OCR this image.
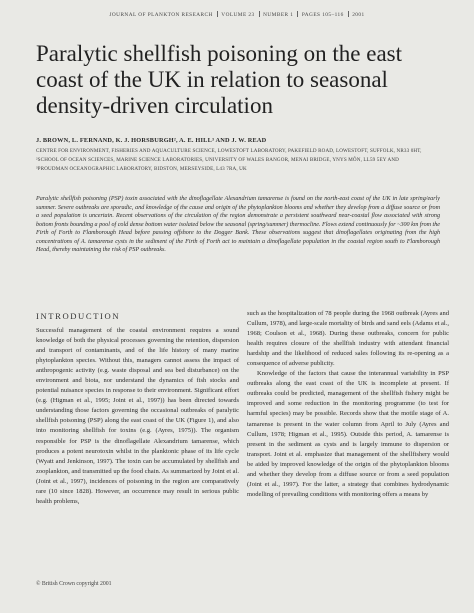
JOURNAL OF PLANKTON RESEARCH VOLUME 23 NUMBER 1 PAGES 105–116 2001
Paralytic shellfish poisoning on the east coast of the UK in relation to seasonal density-driven circulation
J. BROWN, L. FERNAND, K. J. HORSBURGH², A. E. HILL³ AND J. W. READ
CENTRE FOR ENVIRONMENT, FISHERIES AND AQUACULTURE SCIENCE, LOWESTOFT LABORATORY, PAKEFIELD ROAD, LOWESTOFT, SUFFOLK, NR33 0HT,
²SCHOOL OF OCEAN SCIENCES, MARINE SCIENCE LABORATORIES, UNIVERSITY OF WALES BANGOR, MENAI BRIDGE, YNYS MÔN, LL59 5EY AND
³PROUDMAN OCEANOGRAPHIC LABORATORY, BIDSTON, MERSEYSIDE, L43 7RA, UK
Paralytic shellfish poisoning (PSP) toxin associated with the dinoflagellate Alexandrium tamarense is found on the north-east coast of the UK in late spring/early summer. Severe outbreaks are sporadic, and knowledge of the cause and origin of the phytoplankton blooms and whether they develop from a diffuse source or from a seed population is uncertain. Recent observations of the circulation of the region demonstrate a persistent southward near-coastal flow associated with strong bottom fronts bounding a pool of cold dense bottom water isolated below the seasonal (spring/summer) thermocline. Flows extend continuously for ~300 km from the Firth of Forth to Flamborough Head before passing offshore to the Dogger Bank. These observations suggest that dinoflagellates originating from the high concentrations of A. tamarense cysts in the sediment of the Firth of Forth act to maintain a dinoflagellate population in the coastal region south to Flamborough Head, thereby maintaining the risk of PSP outbreaks.
INTRODUCTION

Successful management of the coastal environment requires a sound knowledge of both the physical processes governing the retention, dispersion and transport of contaminants, and of the life history of many marine phytoplankton species. Without this, managers cannot assess the impact of anthropogenic activity (e.g. waste disposal and sea bed disturbance) on the environment and biota, nor understand the dynamics of fish stocks and potential nuisance species in response to their environment. Significant effort (e.g. (Higman et al., 1995; Joint et al., 1997)) has been directed towards understanding those factors governing the occasional outbreaks of paralytic shellfish poisoning (PSP) along the east coast of the UK (Figure 1), and also into monitoring shellfish for toxins (e.g. (Ayres, 1975)). The organism responsible for PSP is the dinoflagellate Alexandrium tamarense, which produces a potent neurotoxin whilst in the planktonic phase of its life cycle (Wyatt and Jenkinson, 1997). The toxin can be accumulated by shellfish and zooplankton, and transmitted up the food chain. As summarized by Joint et al. (Joint et al., 1997), incidences of poisoning in the region are comparatively rare (10 since 1828). However, an occurrence may result in serious public health problems,

such as the hospitalization of 78 people during the 1968 outbreak (Ayres and Cullum, 1978), and large-scale mortality of birds and sand eels (Adams et al., 1968; Coulson et al., 1968). During these outbreaks, concern for public health requires closure of the shellfish industry with attendant financial hardship and the likelihood of reduced sales following its re-opening as a consequence of adverse publicity.

Knowledge of the factors that cause the interannual variability in PSP outbreaks along the east coast of the UK is incomplete at present. If outbreaks could be predicted, management of the shellfish fishery might be improved and some reduction in the monitoring programme (to test for harmful species) may be possible. Records show that the motile stage of A. tamarense is present in the water column from April to July (Ayres and Cullum, 1978; Higman et al., 1995). Outside this period, A. tamarense is present in the sediment as cysts and is largely immune to dispersion or transport. Joint et al. emphasize that management of the shellfishery would be aided by improved knowledge of the origin of the phytoplankton blooms and whether they develop from a diffuse source or from a seed population (Joint et al., 1997). For the latter, a strategy that combines hydrodynamic modelling of prevailing conditions with monitoring offers a means by

© British Crown copyright 2001
